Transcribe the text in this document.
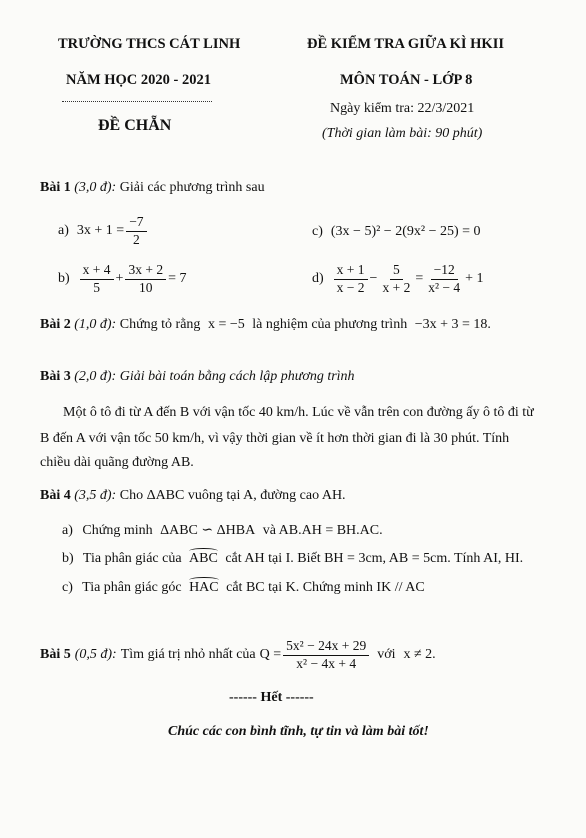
TRƯỜNG THCS CÁT LINH
NĂM HỌC 2020 - 2021
ĐỀ CHẴN
ĐỀ KIỂM TRA GIỮA KÌ HKII
MÔN TOÁN - LỚP 8
Ngày kiểm tra: 22/3/2021
(Thời gian làm bài: 90 phút)
Bài 1 (3,0 đ): Giải các phương trình sau
a) $3x + 1 = \frac{-7}{2}$	c) (3x − 5)² − 2(9x² − 25) = 0
$b) \frac{x + 4}{5} + \frac{3x + 2}{10} = 7$	$d) \frac{x + 1}{x - 2} - \frac{5}{x + 2} = \frac{-12}{\text{x² − 4}} + 1$
Bài 2 (1,0 đ): Chứng tỏ rằng x = −5 là nghiệm của phương trình −3x + 3 = 18.
Bài 3 (2,0 đ): Giải bài toán bằng cách lập phương trình
Một ô tô đi từ A đến B với vận tốc 40 km/h. Lúc về vẫn trên con đường ấy ô tô đi từ
B đến A với vận tốc 50 km/h, vì vậy thời gian về ít hơn thời gian đi là 30 phút. Tính
chiều dài quãng đường AB.
Bài 4 (3,5 đ): Cho ΔABC vuông tại A, đường cao AH.
a) Chứng minh ΔABC ∽ ΔHBA và AB.AH = BH.AC.
b) Tia phân giác của ABC cắt AH tại I. Biết BH = 3cm, AB = 5cm. Tính AI, HI.
c) Tia phân giác góc HAC cắt BC tại K. Chứng minh IK // AC
Bài 5 (0,5 đ): Tìm giá trị nhỏ nhất của $Q = \frac{\text{5x² − 24x + 29}}{\text{x² − 4x + 4}}$ với x ≠ 2.
------ Hết ------
Chúc các con bình tĩnh, tự tin và làm bài tốt!
